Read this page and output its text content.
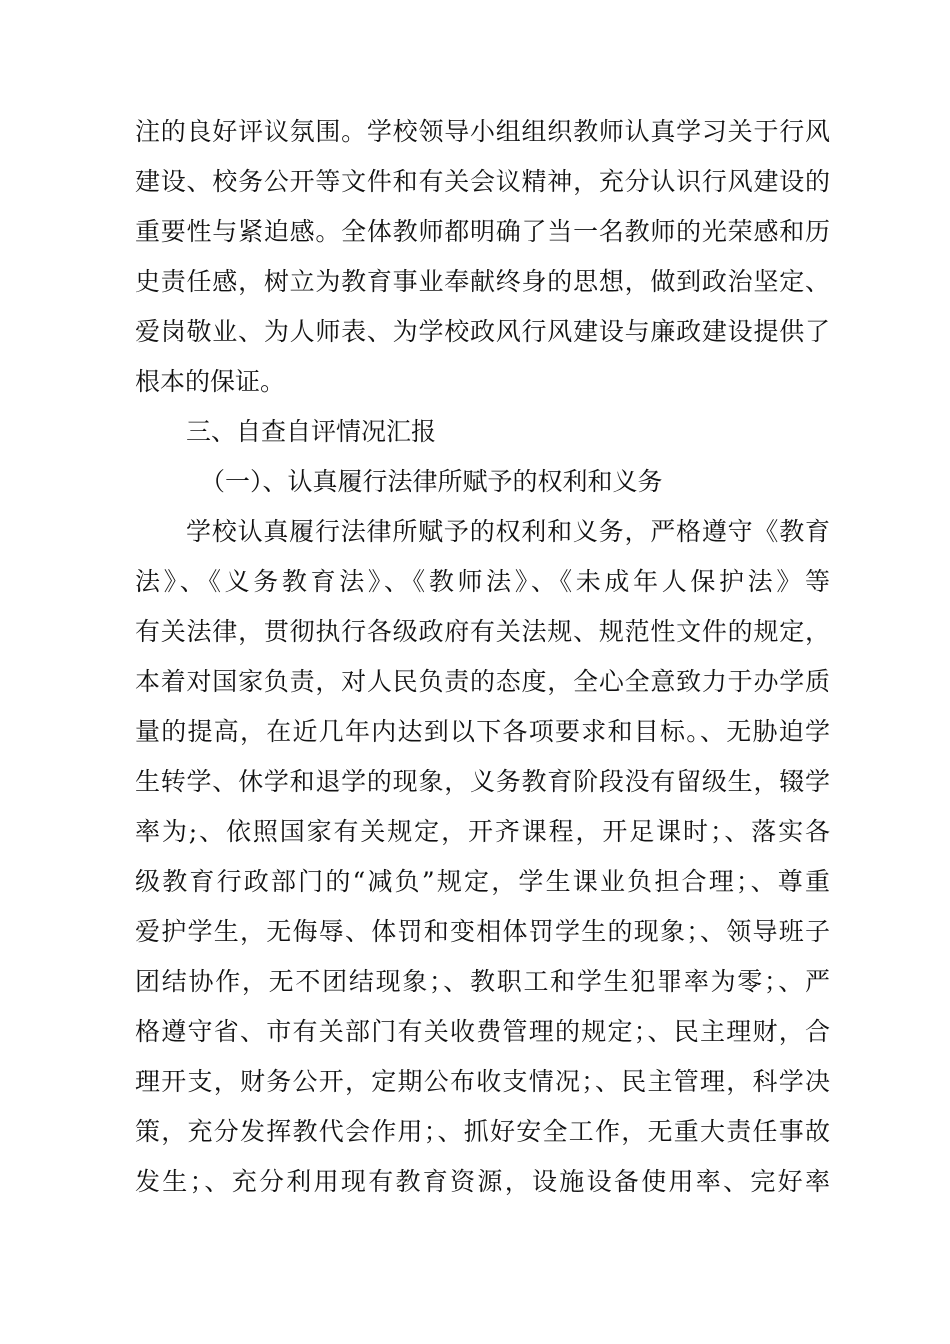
注的良好评议氛围。学校领导小组组织教师认真学习关于行风
建设、校务公开等文件和有关会议精神，充分认识行风建设的
重要性与紧迫感。全体教师都明确了当一名教师的光荣感和历
史责任感，树立为教育事业奉献终身的思想，做到政治坚定、
爱岗敬业、为人师表、为学校政风行风建设与廉政建设提供了
根本的保证。
三、自查自评情况汇报
（一）、认真履行法律所赋予的权利和义务
学校认真履行法律所赋予的权利和义务，严格遵守《教育
法》、《义务教育法》、《教师法》、《未成年人保护法》等
有关法律，贯彻执行各级政府有关法规、规范性文件的规定，
本着对国家负责，对人民负责的态度，全心全意致力于办学质
量的提高，在近几年内达到以下各项要求和目标。、无胁迫学
生转学、休学和退学的现象，义务教育阶段没有留级生，辍学
率为;、依照国家有关规定，开齐课程，开足课时；、落实各
级教育行政部门的“减负”规定，学生课业负担合理；、尊重
爱护学生，无侮辱、体罚和变相体罚学生的现象；、领导班子
团结协作，无不团结现象；、教职工和学生犯罪率为零；、严
格遵守省、市有关部门有关收费管理的规定；、民主理财，合
理开支，财务公开，定期公布收支情况；、民主管理，科学决
策，充分发挥教代会作用；、抓好安全工作，无重大责任事故
发生；、充分利用现有教育资源，设施设备使用率、完好率
